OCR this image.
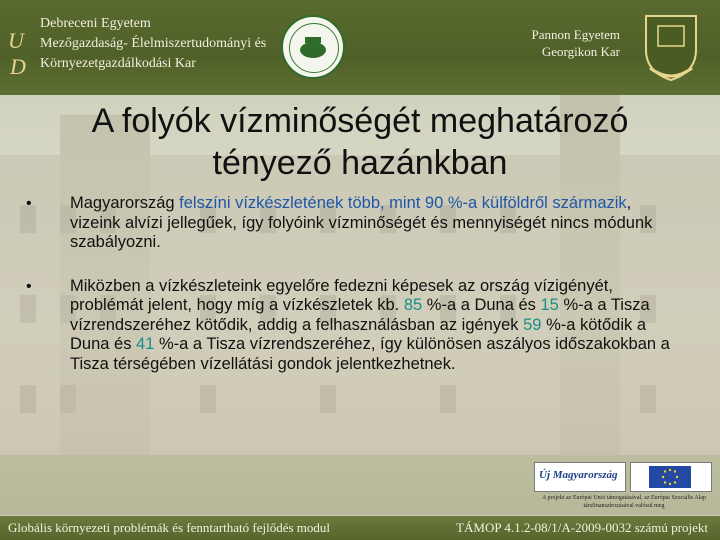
U
D
Debreceni Egyetem
Mezőgazdaság- Élelmiszertudományi és
Környezetgazdálkodási Kar
Pannon Egyetem
Georgikon Kar
A folyók vízminőségét meghatározó
tényező hazánkban
• Magyarország felszíni vízkészletének több, mint 90 %-a külföldről származik, vizeink alvízi jellegűek, így folyóink vízminőségét és mennyiségét nincs módunk szabályozni.
• Miközben a vízkészleteink egyelőre fedezni képesek az ország vízigényét, problémát jelent, hogy míg a vízkészletek kb. 85 %-a a Duna és 15 %-a a Tisza vízrendszeréhez kötődik, addig a felhasználásban az igények 59 %-a kötődik a Duna és 41 %-a a Tisza vízrendszeréhez, így különösen aszályos időszakokban a Tisza térségében vízellátási gondok jelentkezhetnek.
Új Magyarország
A projekt az Európai Unió támogatásával, az Európai Szociális Alap társfinanszírozásával valósul meg
Globális környezeti problémák és fenntartható fejlődés modul	TÁMOP 4.1.2-08/1/A-2009-0032 számú projekt
